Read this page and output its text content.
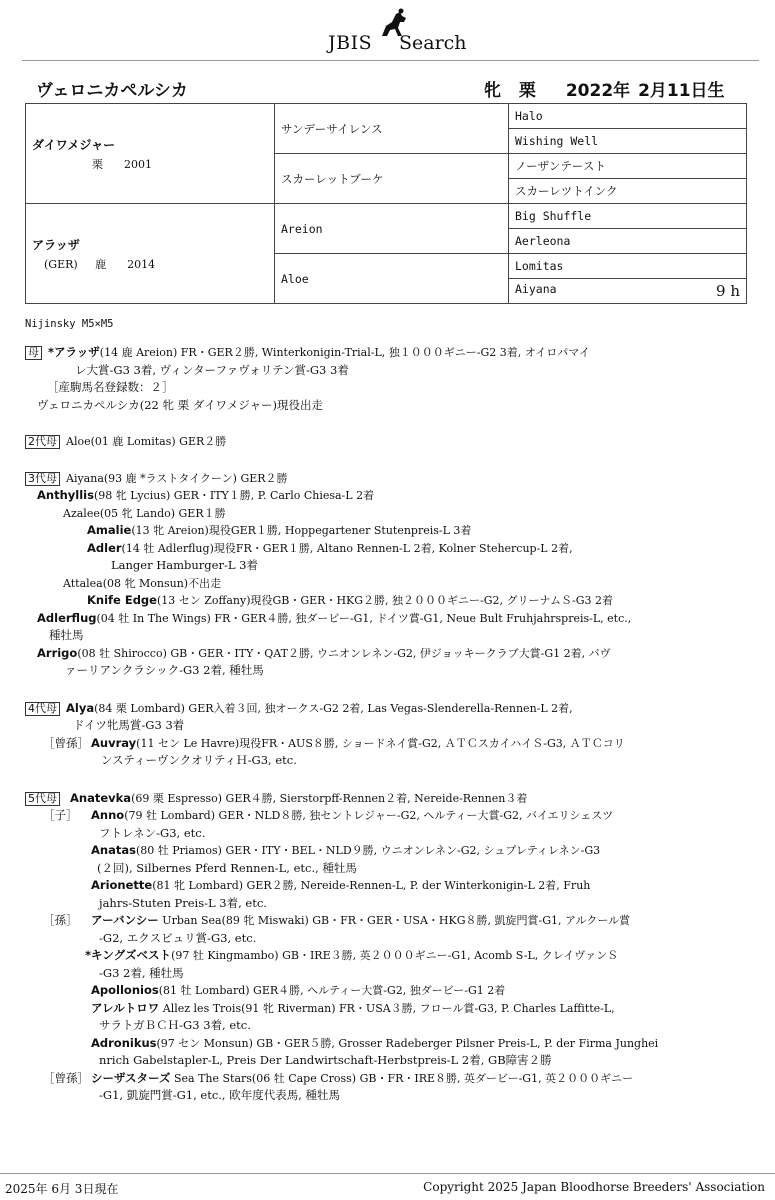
JBIS Search
ヴェロニカペルシカ	牝 栗 2022年 2月11日生
ダイワメジャー
栗 2001	サンデーサイレンス	Halo
		Wishing Well
	スカーレットブーケ	ノーザンテースト
		スカーレツトインク

アラッザ
(GER) 鹿 2014	Areion	Big Shuffle
		Aerleona
	Aloe	Lomitas
		Aiyana 9 h
Nijinsky M5×M5
母 *アラッザ(14 鹿 Areion) FR・GER２勝, Winterkonigin-Trial-L, 独１０００ギニー-G2 3着, オイロパマイ
レ大賞-G3 3着, ヴィンターファヴォリテン賞-G3 3着
［産駒馬名登録数：２］
ヴェロニカペルシカ(22 牝 栗 ダイワメジャー)現役出走
2代母 Aloe(01 鹿 Lomitas) GER２勝
3代母 Aiyana(93 鹿 *ラストタイクーン) GER２勝
Anthyllis(98 牝 Lycius) GER・ITY１勝, P. Carlo Chiesa-L 2着
Azalee(05 牝 Lando) GER１勝
Amalie(13 牝 Areion)現役GER１勝, Hoppegartener Stutenpreis-L 3着
Adler(14 牡 Adlerflug)現役FR・GER１勝, Altano Rennen-L 2着, Kolner Stehercup-L 2着,
Langer Hamburger-L 3着
Attalea(08 牝 Monsun)不出走
Knife Edge(13 セン Zoffany)現役GB・GER・HKG２勝, 独２０００ギニー-G2, グリーナムＳ-G3 2着
Adlerflug(04 牡 In The Wings) FR・GER４勝, 独ダービー-G1, ドイツ賞-G1, Neue Bult Fruhjahrspreis-L, etc.,
種牡馬
Arrigo(08 牡 Shirocco) GB・GER・ITY・QAT２勝, ウニオンレネン-G2, 伊ジョッキークラブ大賞-G1 2着, バヴ
ァーリアンクラシック-G3 2着, 種牡馬
4代母 Alya(84 栗 Lombard) GER入着３回, 独オークス-G2 2着, Las Vegas-Slenderella-Rennen-L 2着,
ドイツ牝馬賞-G3 3着
［曾孫］ Auvray(11 セン Le Havre)現役FR・AUS８勝, ショードネイ賞-G2, ＡＴＣスカイハイＳ-G3, ＡＴＣコリ
ンスティーヴンクオリティＨ-G3, etc.
5代母 Anatevka(69 栗 Espresso) GER４勝, Sierstorpff-Rennen２着, Nereide-Rennen３着
［子］ Anno(79 牡 Lombard) GER・NLD８勝, 独セントレジャー-G2, ヘルティー大賞-G2, バイエリシェスツ
フトレネン-G3, etc.
Anatas(80 牡 Priamos) GER・ITY・BEL・NLD９勝, ウニオンレネン-G2, シュプレティレネン-G3
(２回), Silbernes Pferd Rennen-L, etc., 種牡馬
Arionette(81 牝 Lombard) GER２勝, Nereide-Rennen-L, P. der Winterkonigin-L 2着, Fruh
jahrs-Stuten Preis-L 3着, etc.
［孫］ アーバンシー Urban Sea(89 牝 Miswaki) GB・FR・GER・USA・HKG８勝, 凱旋門賞-G1, アルクール賞
-G2, エクスビュリ賞-G3, etc.
*キングズベスト(97 牡 Kingmambo) GB・IRE３勝, 英２０００ギニー-G1, Acomb S-L, クレイヴァンＳ
-G3 2着, 種牡馬
Apollonios(81 牡 Lombard) GER４勝, ヘルティー大賞-G2, 独ダービー-G1 2着
アレルトロワ Allez les Trois(91 牝 Riverman) FR・USA３勝, フロール賞-G3, P. Charles Laffitte-L,
サラトガＢＣＨ-G3 3着, etc.
Adronikus(97 セン Monsun) GB・GER５勝, Grosser Radeberger Pilsner Preis-L, P. der Firma Junghei
nrich Gabelstapler-L, Preis Der Landwirtschaft-Herbstpreis-L 2着, GB障害２勝
［曾孫］ シーザスターズ Sea The Stars(06 牡 Cape Cross) GB・FR・IRE８勝, 英ダービー-G1, 英２０００ギニー
-G1, 凱旋門賞-G1, etc., 欧年度代表馬, 種牡馬
2025年 6月 3日現在	Copyright 2025 Japan Bloodhorse Breeders' Association
